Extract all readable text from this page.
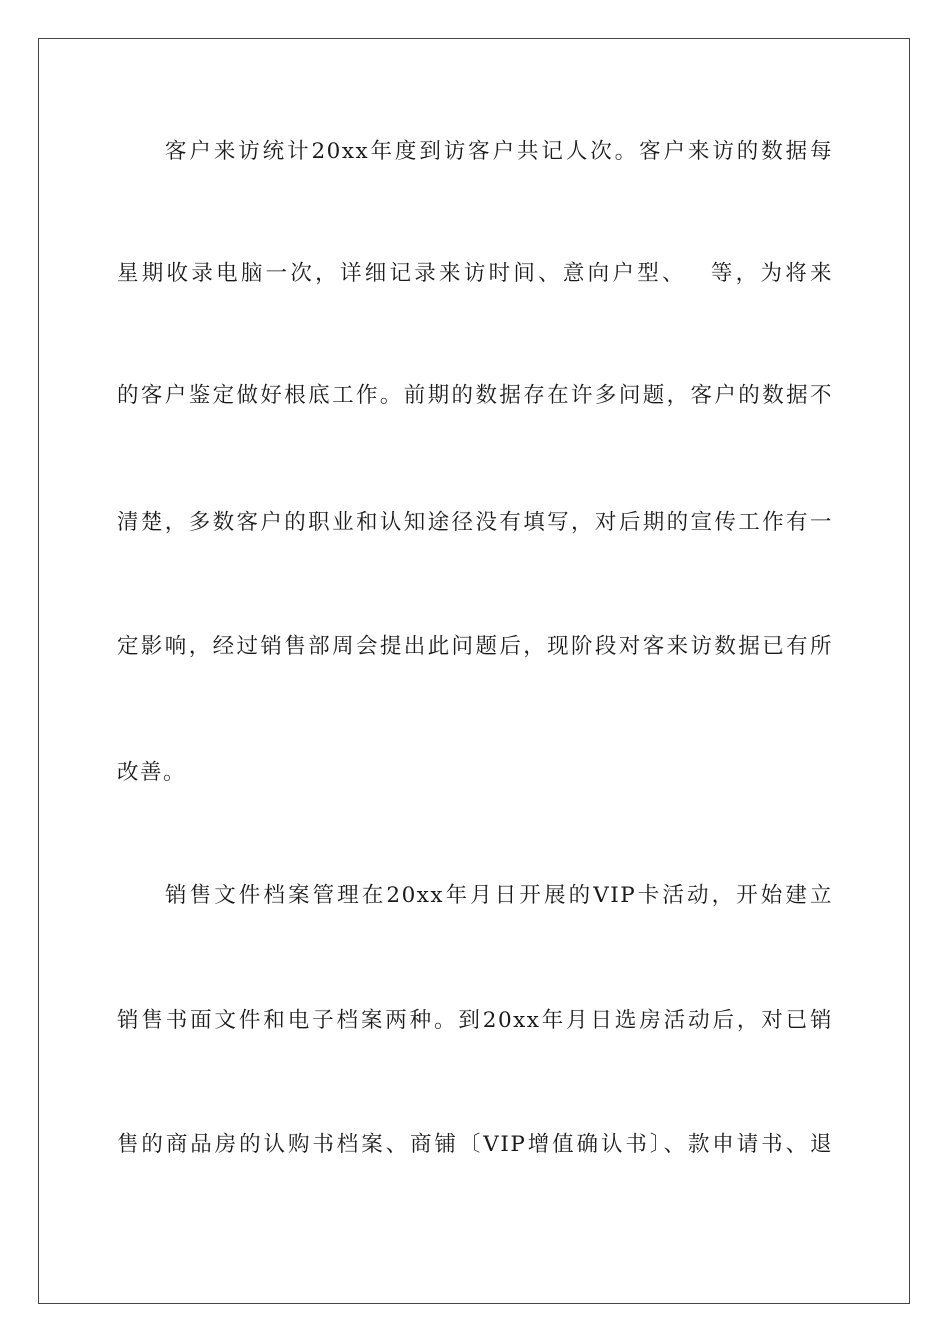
客户来访统计20xx年度到访客户共记人次。客户来访的数据每
星期收录电脑一次，详细记录来访时间、意向户型、　 等，为将来
的客户鉴定做好根底工作。前期的数据存在许多问题，客户的数据不
清楚，多数客户的职业和认知途径没有填写，对后期的宣传工作有一
定影响，经过销售部周会提出此问题后，现阶段对客来访数据已有所
改善。
销售文件档案管理在20xx年月日开展的VIP卡活动，开始建立
销售书面文件和电子档案两种。到20xx年月日选房活动后，对已销
售的商品房的认购书档案、商铺〔VIP增值确认书〕、款申请书、退
